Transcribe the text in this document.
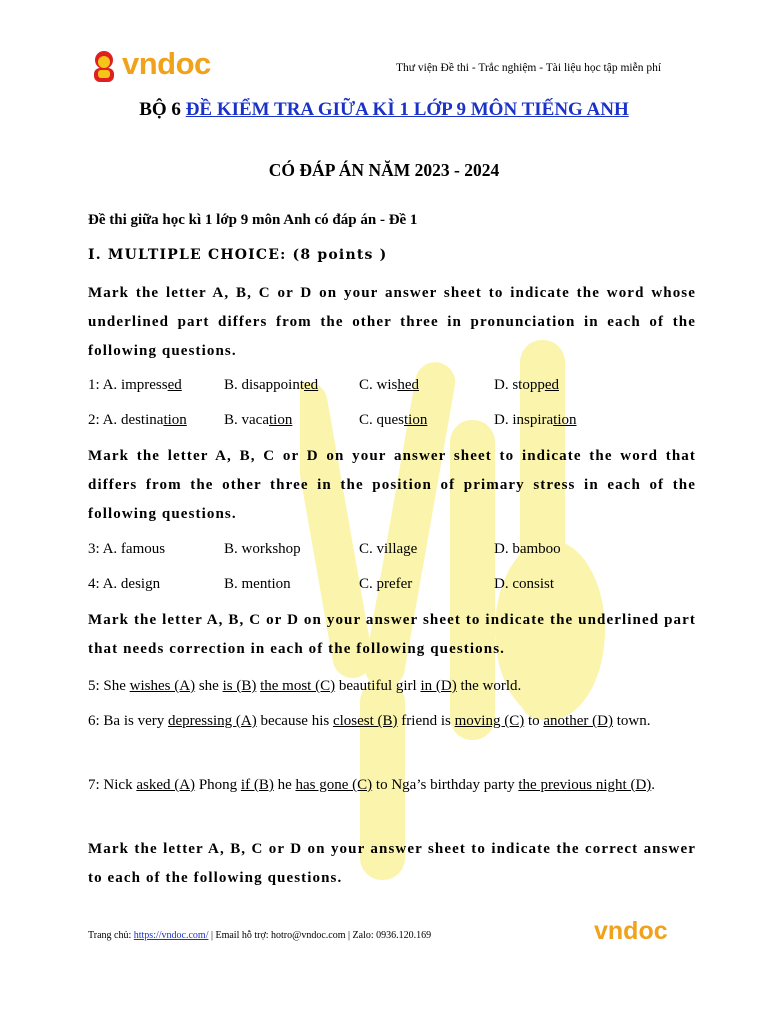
vndoc	Thư viện Đề thi - Trắc nghiệm - Tài liệu học tập miễn phí
BỘ 6 ĐỀ KIỂM TRA GIỮA KÌ 1 LỚP 9 MÔN TIẾNG ANH
CÓ ĐÁP ÁN NĂM 2023 - 2024
Đề thi giữa học kì 1 lớp 9 môn Anh có đáp án - Đề 1
I. MULTIPLE CHOICE: (8 points )
Mark the letter A, B, C or D on your answer sheet to indicate the word whose underlined part differs from the other three in pronunciation in each of the following questions.
1: A. impressed	B. disappointed	C. wished	D. stopped
2: A. destination B. vacation	C. question	D. inspiration
Mark the letter A, B, C or D on your answer sheet to indicate the word that differs from the other three in the position of primary stress in each of the following questions.
3: A. famous	B. workshop	C. village	D. bamboo
4: A. design	B. mention	C. prefer	D. consist
Mark the letter A, B, C or D on your answer sheet to indicate the underlined part that needs correction in each of the following questions.
5: She wishes (A) she is (B) the most (C) beautiful girl in (D) the world.
6: Ba is very depressing (A) because his closest (B) friend is moving (C) to another (D) town.
7: Nick asked (A) Phong if (B) he has gone (C) to Nga’s birthday party the previous night (D).
Mark the letter A, B, C or D on your answer sheet to indicate the correct answer to each of the following questions.
Trang chủ: https://vndoc.com/ | Email hỗ trợ: hotro@vndoc.com | Zalo: 0936.120.169	vndoc
